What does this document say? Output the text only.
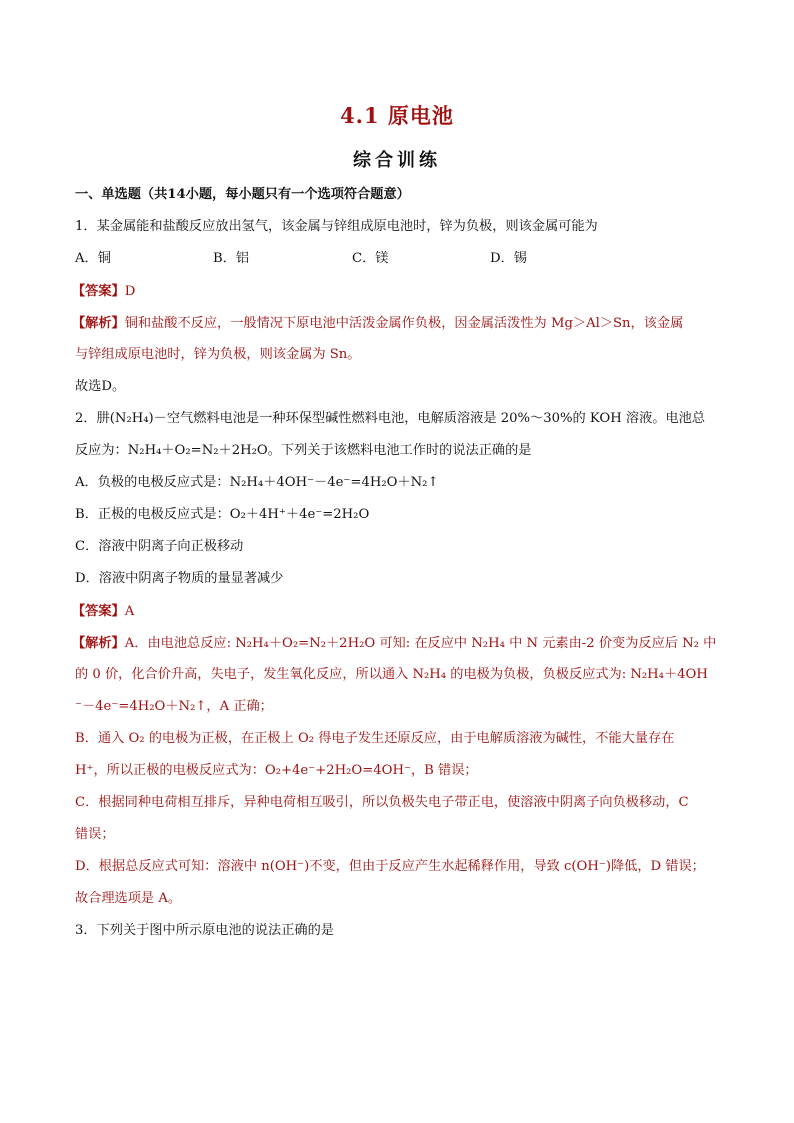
4.1 原电池
综合训练
一、单选题（共14小题，每小题只有一个选项符合题意）
1．某金属能和盐酸反应放出氢气，该金属与锌组成原电池时，锌为负极，则该金属可能为
A．铜	B．铝	C．镁	D．锡
【答案】D
【解析】铜和盐酸不反应，一般情况下原电池中活泼金属作负极，因金属活泼性为 Mg＞Al＞Sn，该金属
与锌组成原电池时，锌为负极，则该金属为 Sn。
故选D。
2．肼(N₂H₄)－空气燃料电池是一种环保型碱性燃料电池，电解质溶液是 20%～30%的 KOH 溶液。电池总
反应为：N₂H₄＋O₂=N₂＋2H₂O。下列关于该燃料电池工作时的说法正确的是
A．负极的电极反应式是：N₂H₄＋4OH⁻－4e⁻=4H₂O＋N₂↑
B．正极的电极反应式是：O₂＋4H⁺＋4e⁻=2H₂O
C．溶液中阴离子向正极移动
D．溶液中阴离子物质的量显著减少
【答案】A
【解析】A．由电池总反应: N₂H₄＋O₂=N₂＋2H₂O 可知: 在反应中 N₂H₄ 中 N 元素由-2 价变为反应后 N₂ 中
的 0 价，化合价升高，失电子，发生氧化反应，所以通入 N₂H₄ 的电极为负极，负极反应式为: N₂H₄＋4OH
⁻－4e⁻=4H₂O＋N₂↑，A 正确；
B．通入 O₂ 的电极为正极，在正极上 O₂ 得电子发生还原反应，由于电解质溶液为碱性，不能大量存在
H⁺，所以正极的电极反应式为：O₂+4e⁻+2H₂O=4OH⁻，B 错误；
C．根据同种电荷相互排斥，异种电荷相互吸引，所以负极失电子带正电，使溶液中阴离子向负极移动，C
错误；
D．根据总反应式可知：溶液中 n(OH⁻)不变，但由于反应产生水起稀释作用，导致 c(OH⁻)降低，D 错误；
故合理选项是 A。
3．下列关于图中所示原电池的说法正确的是
